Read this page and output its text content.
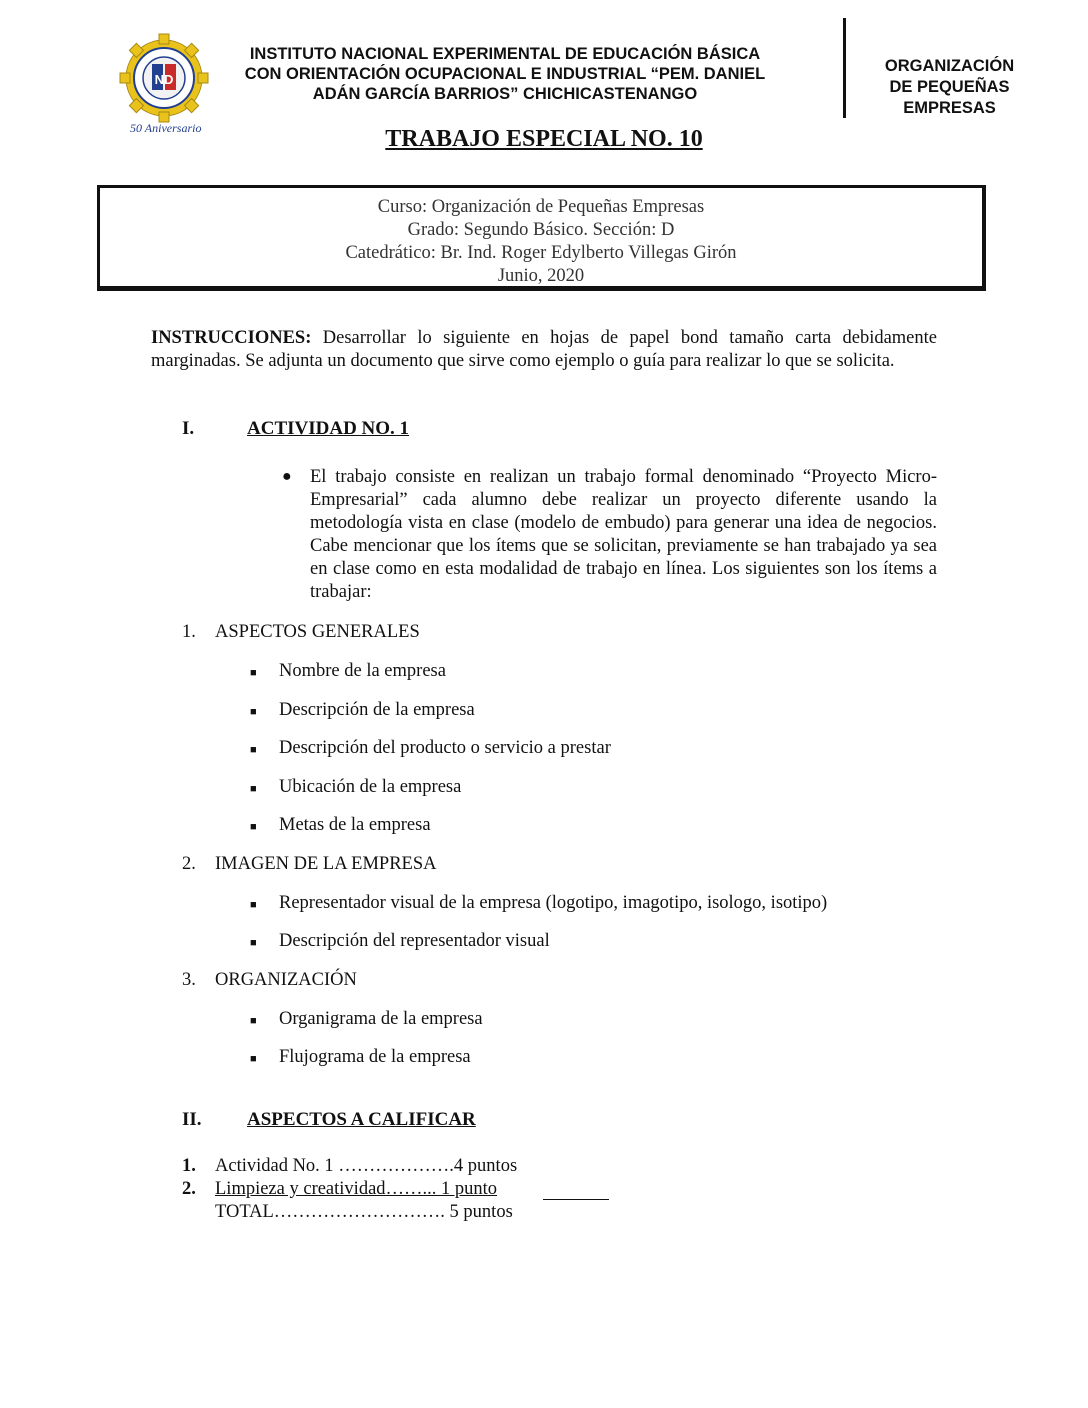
ND
50 Aniversario
INSTITUTO NACIONAL EXPERIMENTAL DE EDUCACIÓN BÁSICA
CON ORIENTACIÓN OCUPACIONAL E INDUSTRIAL “PEM. DANIEL
ADÁN GARCÍA BARRIOS” CHICHICASTENANGO
ORGANIZACIÓN
DE PEQUEÑAS
EMPRESAS
TRABAJO ESPECIAL NO. 10
Curso: Organización de Pequeñas Empresas
Grado: Segundo Básico. Sección: D
Catedrático: Br. Ind. Roger Edylberto Villegas Girón
Junio, 2020
INSTRUCCIONES: Desarrollar lo siguiente en hojas de papel bond tamaño carta debidamente marginadas. Se adjunta un documento que sirve como ejemplo o guía para realizar lo que se solicita.
I.	ACTIVIDAD NO. 1
● El trabajo consiste en realizan un trabajo formal denominado “Proyecto Micro- Empresarial” cada alumno debe realizar un proyecto diferente usando la metodología vista en clase (modelo de embudo) para generar una idea de negocios. Cabe mencionar que los ítems que se solicitan, previamente se han trabajado ya sea en clase como en esta modalidad de trabajo en línea. Los siguientes son los ítems a trabajar:
1. ASPECTOS GENERALES
■ Nombre de la empresa
■ Descripción de la empresa
■ Descripción del producto o servicio a prestar
■ Ubicación de la empresa
■ Metas de la empresa
2. IMAGEN DE LA EMPRESA
■ Representador visual de la empresa (logotipo, imagotipo, isologo, isotipo)
■ Descripción del representador visual
3. ORGANIZACIÓN
■ Organigrama de la empresa
■ Flujograma de la empresa
II. ASPECTOS A CALIFICAR
1. Actividad No. 1 ……………….4 puntos
2. Limpieza y creatividad……... 1 punto
TOTAL………………………. 5 puntos
